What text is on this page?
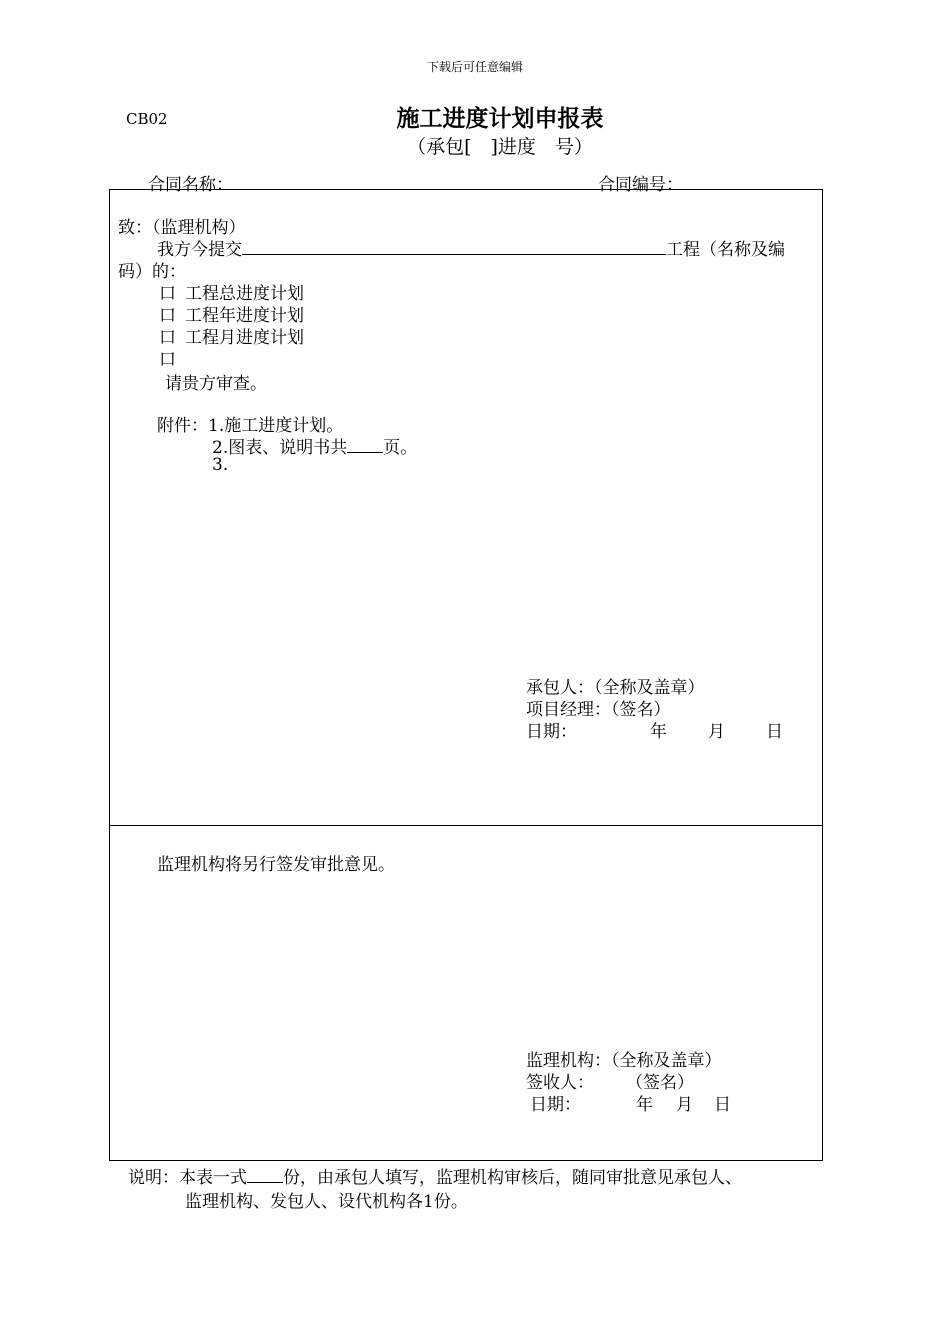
下载后可任意编辑
CB02	施工进度计划申报表
（承包[　]进度　号）
合同名称：	合同编号：
致：（监理机构）
我方今提交	工程（名称及编
码）的：
口 工程总进度计划
口 工程年进度计划
口 工程月进度计划
口
请贵方审查。
附件：1.施工进度计划。
2.图表、说明书共 页。
3.
承包人：（全称及盖章）
项目经理：（签名）
日期：	年 月 日
监理机构将另行签发审批意见。
监理机构：（全称及盖章）
签收人： （签名）
日期：	年 月 日
说明：本表一式 份，由承包人填写，监理机构审核后，随同审批意见承包人、
监理机构、发包人、设代机构各1份。
